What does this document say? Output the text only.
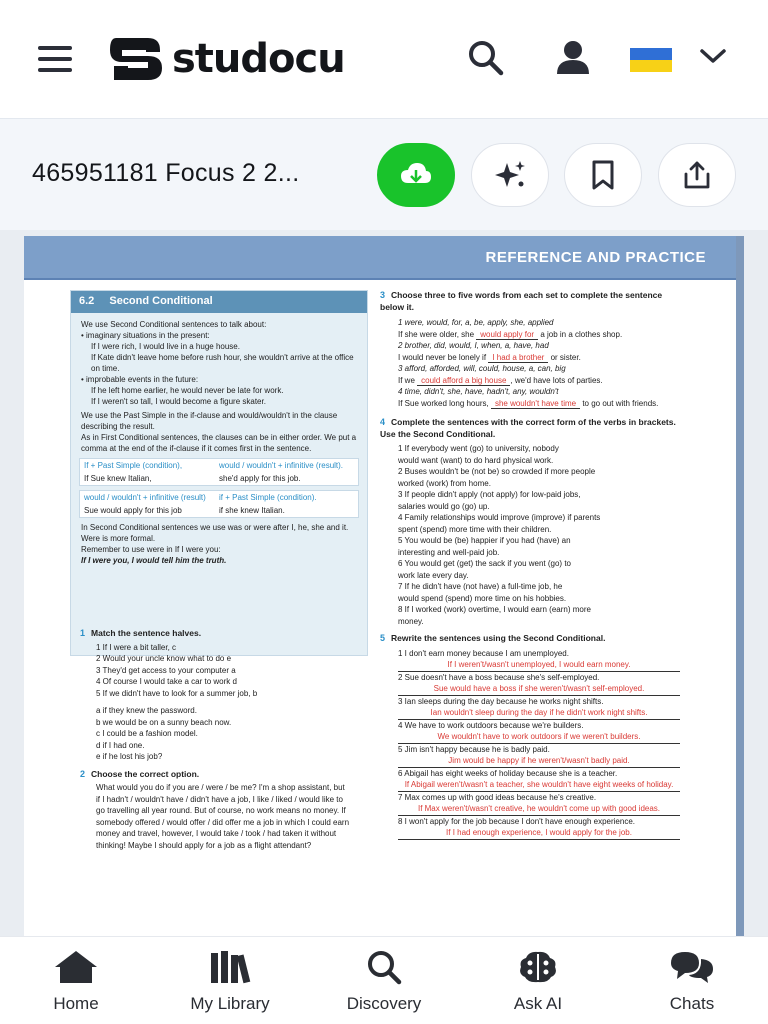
studocu
465951181 Focus 2 2...
REFERENCE AND PRACTICE
6.2 Second Conditional

We use Second Conditional sentences to talk about:

• imaginary situations in the present:

If I were rich, I would live in a huge house.

If Kate didn't leave home before rush hour, she wouldn't arrive at the office on time.

• improbable events in the future:

If he left home earlier, he would never be late for work.

If I weren't so tall, I would become a figure skater.

We use the Past Simple in the if-clause and would/wouldn't in the clause describing the result.

As in First Conditional sentences, the clauses can be in either order. We put a comma at the end of the if-clause if it comes first in the sentence.

If + Past Simple (condition),	would / wouldn't + infinitive (result).
If Sue knew Italian,	she'd apply for this job.
would / wouldn't + infinitive (result)	if + Past Simple (condition).
Sue would apply for this job	if she knew Italian.

In Second Conditional sentences we use was or were after I, he, she and it. Were is more formal.

Remember to use were in If I were you:

If I were you, I would tell him the truth.

1 Match the sentence halves.
1 If I were a bit taller, c
2 Would your uncle know what to do e
3 They'd get access to your computer a
4 Of course I would take a car to work d
5 If we didn't have to look for a summer job, b
a if they knew the password.
b we would be on a sunny beach now.
c I could be a fashion model.
d if I had one.
e if he lost his job?
2 Choose the correct option.
What would you do if you are / were / be me? I'm a shop assistant, but if I hadn't / wouldn't have / didn't have a job, I like / liked / would like to go travelling all year round. But of course, no work means no money. If somebody offered / would offer / did offer me a job in which I could earn money and travel, however, I would take / took / had taken it without thinking! Maybe I should apply for a job as a flight attendant?
3 Choose three to five words from each set to complete the sentence below it.
1 were, would, for, a, be, apply, she, applied
If she were older, she would apply for a job in a clothes shop.
2 brother, did, would, I, when, a, have, had
I would never be lonely if I had a brother or sister.
3 afford, afforded, will, could, house, a, can, big
If we could afford a big house , we'd have lots of parties.
4 time, didn't, she, have, hadn't, any, wouldn't
If Sue worked long hours, she wouldn't have time to go out with friends.
4 Complete the sentences with the correct form of the verbs in brackets. Use the Second Conditional.
1 If everybody went (go) to university, nobody
would want (want) to do hard physical work.
2 Buses wouldn't be (not be) so crowded if more people
worked (work) from home.
3 If people didn't apply (not apply) for low-paid jobs,
salaries would go (go) up.
4 Family relationships would improve (improve) if parents
spent (spend) more time with their children.
5 You would be (be) happier if you had (have) an
interesting and well-paid job.
6 You would get (get) the sack if you went (go) to
work late every day.
7 If he didn't have (not have) a full-time job, he
would spend (spend) more time on his hobbies.
8 If I worked (work) overtime, I would earn (earn) more
money.
5 Rewrite the sentences using the Second Conditional.
1 I don't earn money because I am unemployed.
If I weren't/wasn't unemployed, I would earn money.
2 Sue doesn't have a boss because she's self-employed.
Sue would have a boss if she weren't/wasn't self-employed.
3 Ian sleeps during the day because he works night shifts.
Ian wouldn't sleep during the day if he didn't work night shifts.
4 We have to work outdoors because we're builders.
We wouldn't have to work outdoors if we weren't builders.
5 Jim isn't happy because he is badly paid.
Jim would be happy if he weren't/wasn't badly paid.
6 Abigail has eight weeks of holiday because she is a teacher.
If Abigail weren't/wasn't a teacher, she wouldn't have eight weeks of holiday.
7 Max comes up with good ideas because he's creative.
If Max weren't/wasn't creative, he wouldn't come up with good ideas.
8 I won't apply for the job because I don't have enough experience.
If I had enough experience, I would apply for the job.
Home	My Library	Discovery	Ask AI	Chats
